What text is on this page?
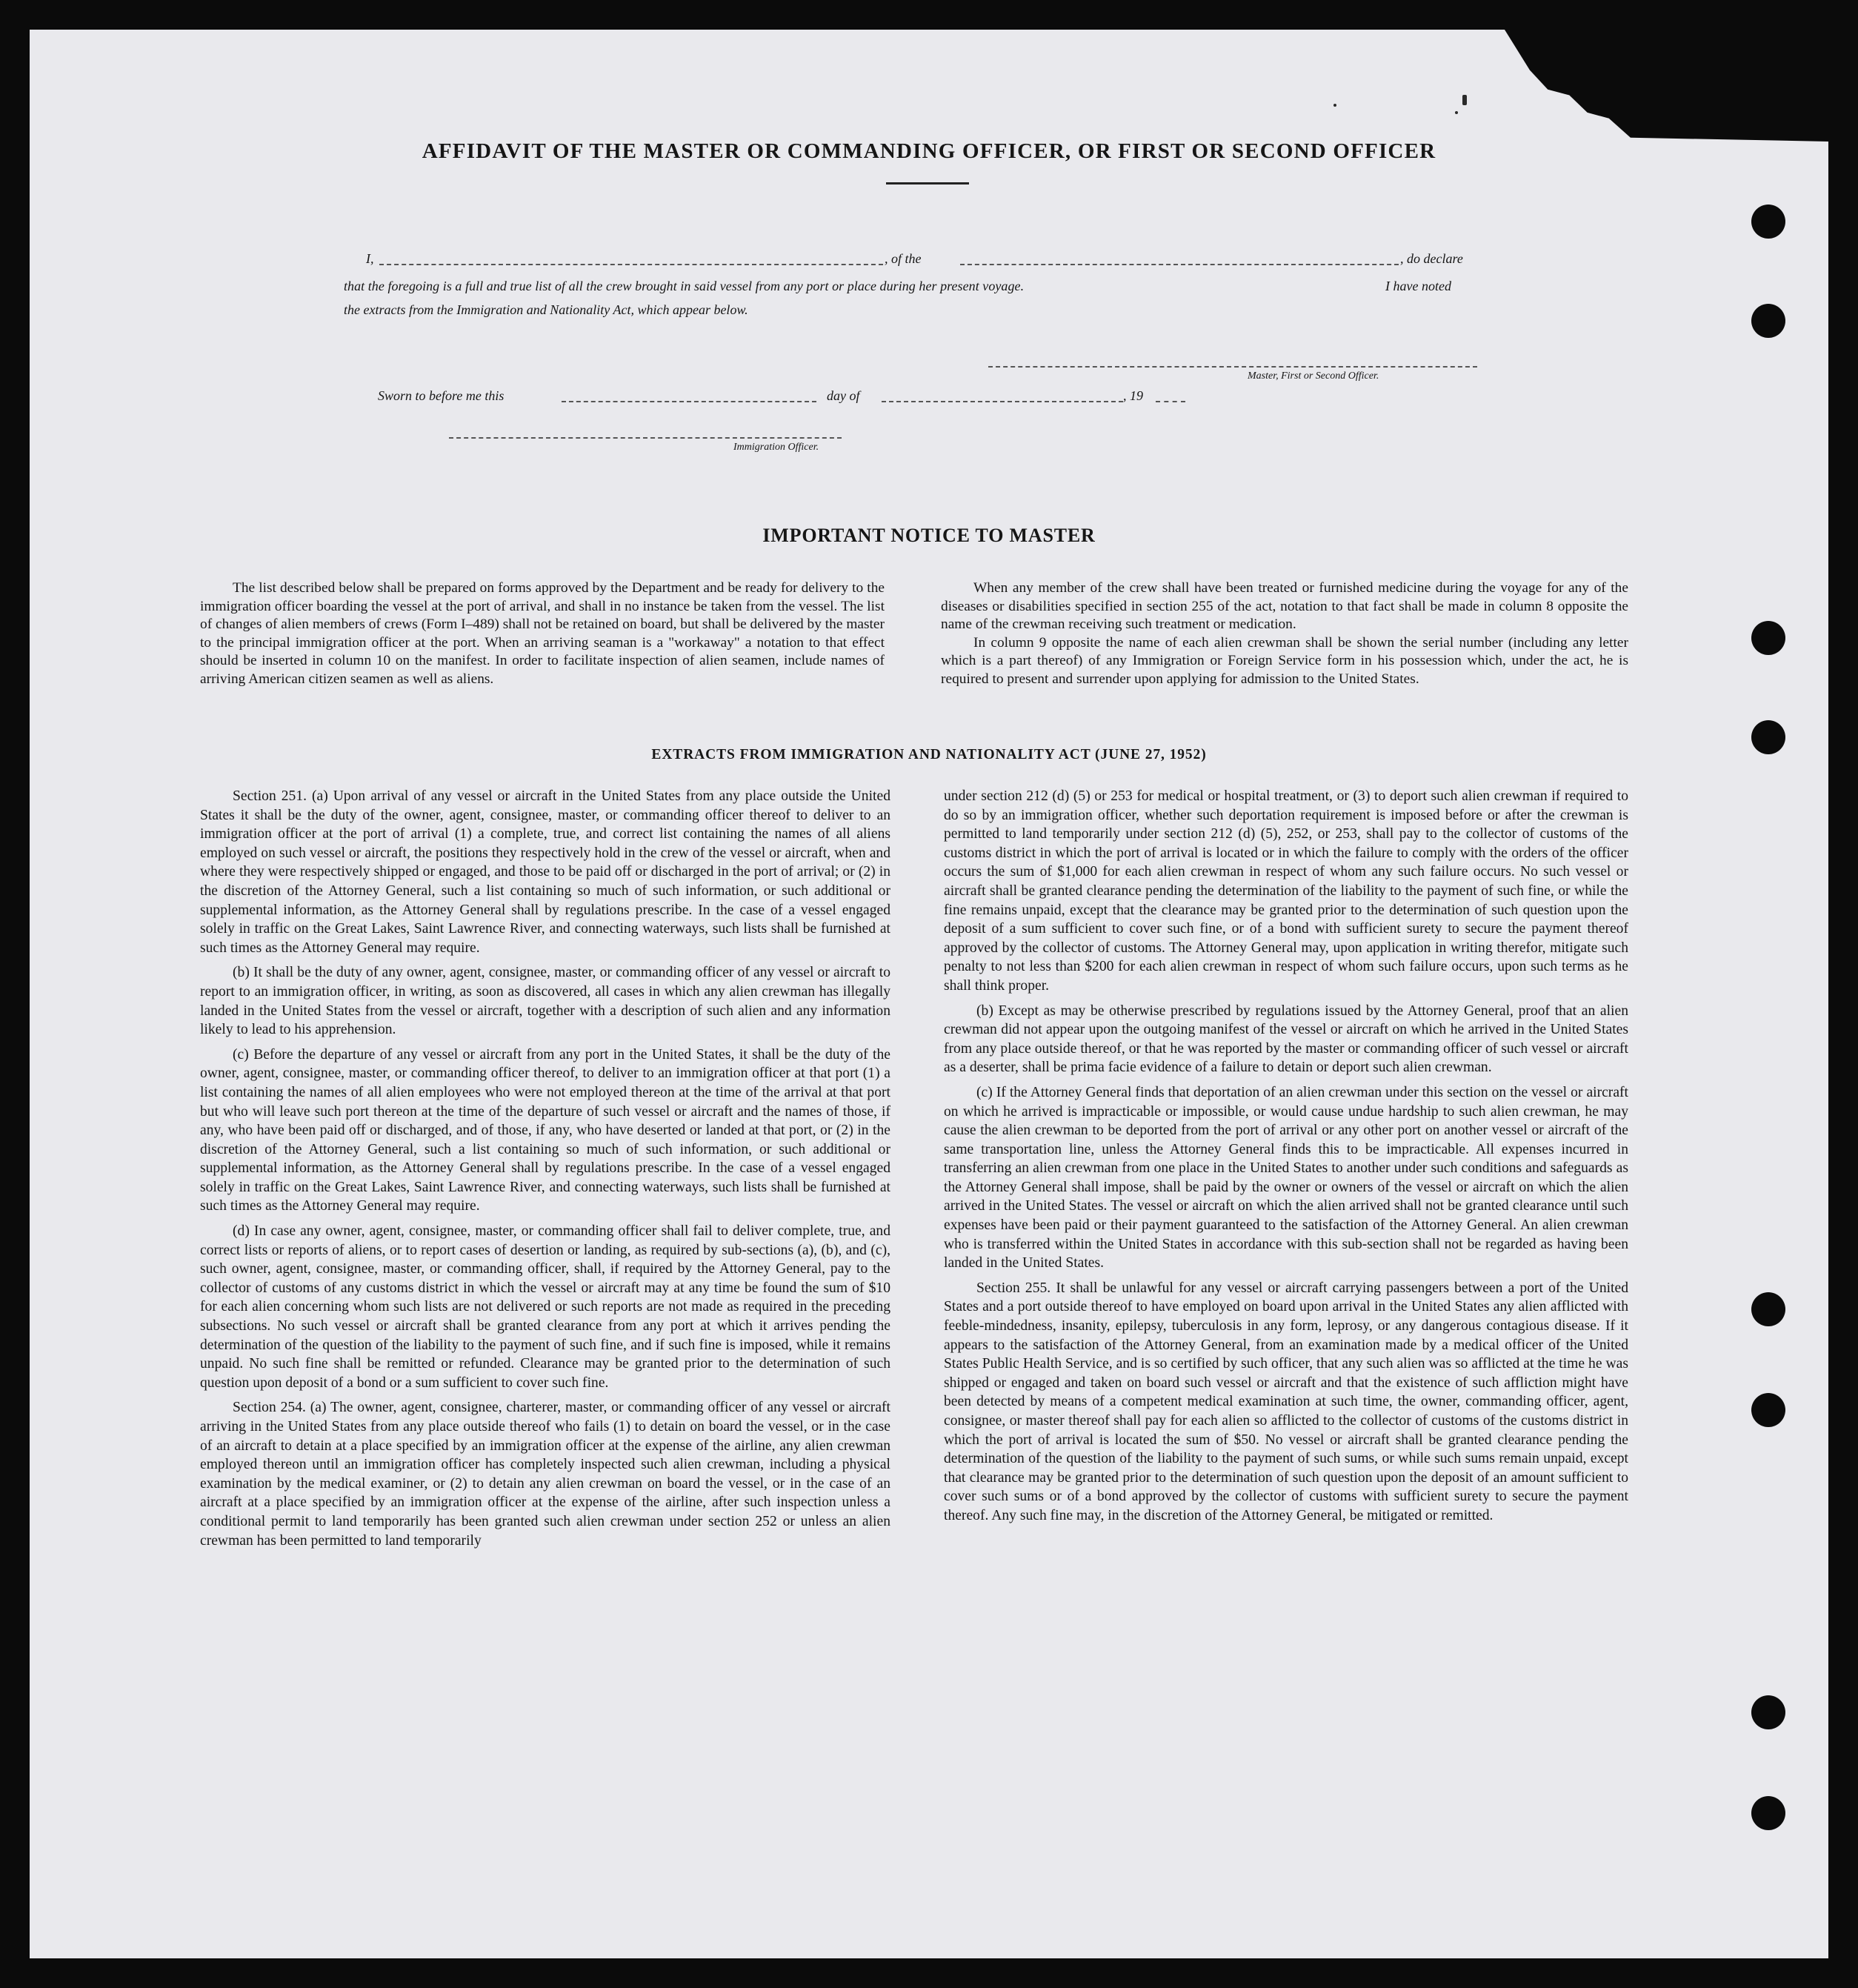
AFFIDAVIT OF THE MASTER OR COMMANDING OFFICER, OR FIRST OR SECOND OFFICER
I,	, of the	, do declare
that the foregoing is a full and true list of all the crew brought in said vessel from any port or place during her present voyage.	I have noted
the extracts from the Immigration and Nationality Act, which appear below.
Master, First or Second Officer.
Sworn to before me this	day of	, 19
Immigration Officer.
IMPORTANT NOTICE TO MASTER

The list described below shall be prepared on forms approved by the Department and be ready for delivery to the immigration officer boarding the vessel at the port of arrival, and shall in no instance be taken from the vessel. The list of changes of alien members of crews (Form I–489) shall not be retained on board, but shall be delivered by the master to the principal immigration officer at the port. When an arriving seaman is a "workaway" a notation to that effect should be inserted in column 10 on the manifest. In order to facilitate inspection of alien seamen, include names of arriving American citizen seamen as well as aliens.

When any member of the crew shall have been treated or furnished medicine during the voyage for any of the diseases or disabilities specified in section 255 of the act, notation to that fact shall be made in column 8 opposite the name of the crewman receiving such treatment or medication.

In column 9 opposite the name of each alien crewman shall be shown the serial number (including any letter which is a part thereof) of any Immigration or Foreign Service form in his possession which, under the act, he is required to present and surrender upon applying for admission to the United States.

EXTRACTS FROM IMMIGRATION AND NATIONALITY ACT (JUNE 27, 1952)

Section 251. (a) Upon arrival of any vessel or aircraft in the United States from any place outside the United States it shall be the duty of the owner, agent, consignee, master, or commanding officer thereof to deliver to an immigration officer at the port of arrival (1) a complete, true, and correct list containing the names of all aliens employed on such vessel or aircraft, the positions they respectively hold in the crew of the vessel or aircraft, when and where they were respectively shipped or engaged, and those to be paid off or discharged in the port of arrival; or (2) in the discretion of the Attorney General, such a list containing so much of such information, or such additional or supplemental information, as the Attorney General shall by regulations prescribe. In the case of a vessel engaged solely in traffic on the Great Lakes, Saint Lawrence River, and connecting waterways, such lists shall be furnished at such times as the Attorney General may require.

(b) It shall be the duty of any owner, agent, consignee, master, or commanding officer of any vessel or aircraft to report to an immigration officer, in writing, as soon as discovered, all cases in which any alien crewman has illegally landed in the United States from the vessel or aircraft, together with a description of such alien and any information likely to lead to his apprehension.

(c) Before the departure of any vessel or aircraft from any port in the United States, it shall be the duty of the owner, agent, consignee, master, or commanding officer thereof, to deliver to an immigration officer at that port (1) a list containing the names of all alien employees who were not employed thereon at the time of the arrival at that port but who will leave such port thereon at the time of the departure of such vessel or aircraft and the names of those, if any, who have been paid off or discharged, and of those, if any, who have deserted or landed at that port, or (2) in the discretion of the Attorney General, such a list containing so much of such information, or such additional or supplemental information, as the Attorney General shall by regulations prescribe. In the case of a vessel engaged solely in traffic on the Great Lakes, Saint Lawrence River, and connecting waterways, such lists shall be furnished at such times as the Attorney General may require.

(d) In case any owner, agent, consignee, master, or commanding officer shall fail to deliver complete, true, and correct lists or reports of aliens, or to report cases of desertion or landing, as required by sub-sections (a), (b), and (c), such owner, agent, consignee, master, or commanding officer, shall, if required by the Attorney General, pay to the collector of customs of any customs district in which the vessel or aircraft may at any time be found the sum of $10 for each alien concerning whom such lists are not delivered or such reports are not made as required in the preceding subsections. No such vessel or aircraft shall be granted clearance from any port at which it arrives pending the determination of the question of the liability to the payment of such fine, and if such fine is imposed, while it remains unpaid. No such fine shall be remitted or refunded. Clearance may be granted prior to the determination of such question upon deposit of a bond or a sum sufficient to cover such fine.

Section 254. (a) The owner, agent, consignee, charterer, master, or commanding officer of any vessel or aircraft arriving in the United States from any place outside thereof who fails (1) to detain on board the vessel, or in the case of an aircraft to detain at a place specified by an immigration officer at the expense of the airline, any alien crewman employed thereon until an immigration officer has completely inspected such alien crewman, including a physical examination by the medical examiner, or (2) to detain any alien crewman on board the vessel, or in the case of an aircraft at a place specified by an immigration officer at the expense of the airline, after such inspection unless a conditional permit to land temporarily has been granted such alien crewman under section 252 or unless an alien crewman has been permitted to land temporarily

under section 212 (d) (5) or 253 for medical or hospital treatment, or (3) to deport such alien crewman if required to do so by an immigration officer, whether such deportation requirement is imposed before or after the crewman is permitted to land temporarily under section 212 (d) (5), 252, or 253, shall pay to the collector of customs of the customs district in which the port of arrival is located or in which the failure to comply with the orders of the officer occurs the sum of $1,000 for each alien crewman in respect of whom any such failure occurs. No such vessel or aircraft shall be granted clearance pending the determination of the liability to the payment of such fine, or while the fine remains unpaid, except that the clearance may be granted prior to the determination of such question upon the deposit of a sum sufficient to cover such fine, or of a bond with sufficient surety to secure the payment thereof approved by the collector of customs. The Attorney General may, upon application in writing therefor, mitigate such penalty to not less than $200 for each alien crewman in respect of whom such failure occurs, upon such terms as he shall think proper.

(b) Except as may be otherwise prescribed by regulations issued by the Attorney General, proof that an alien crewman did not appear upon the outgoing manifest of the vessel or aircraft on which he arrived in the United States from any place outside thereof, or that he was reported by the master or commanding officer of such vessel or aircraft as a deserter, shall be prima facie evidence of a failure to detain or deport such alien crewman.

(c) If the Attorney General finds that deportation of an alien crewman under this section on the vessel or aircraft on which he arrived is impracticable or impossible, or would cause undue hardship to such alien crewman, he may cause the alien crewman to be deported from the port of arrival or any other port on another vessel or aircraft of the same transportation line, unless the Attorney General finds this to be impracticable. All expenses incurred in transferring an alien crewman from one place in the United States to another under such conditions and safeguards as the Attorney General shall impose, shall be paid by the owner or owners of the vessel or aircraft on which the alien arrived in the United States. The vessel or aircraft on which the alien arrived shall not be granted clearance until such expenses have been paid or their payment guaranteed to the satisfaction of the Attorney General. An alien crewman who is transferred within the United States in accordance with this sub-section shall not be regarded as having been landed in the United States.

Section 255. It shall be unlawful for any vessel or aircraft carrying passengers between a port of the United States and a port outside thereof to have employed on board upon arrival in the United States any alien afflicted with feeble-mindedness, insanity, epilepsy, tuberculosis in any form, leprosy, or any dangerous contagious disease. If it appears to the satisfaction of the Attorney General, from an examination made by a medical officer of the United States Public Health Service, and is so certified by such officer, that any such alien was so afflicted at the time he was shipped or engaged and taken on board such vessel or aircraft and that the existence of such affliction might have been detected by means of a competent medical examination at such time, the owner, commanding officer, agent, consignee, or master thereof shall pay for each alien so afflicted to the collector of customs of the customs district in which the port of arrival is located the sum of $50. No vessel or aircraft shall be granted clearance pending the determination of the question of the liability to the payment of such sums, or while such sums remain unpaid, except that clearance may be granted prior to the determination of such question upon the deposit of an amount sufficient to cover such sums or of a bond approved by the collector of customs with sufficient surety to secure the payment thereof. Any such fine may, in the discretion of the Attorney General, be mitigated or remitted.
